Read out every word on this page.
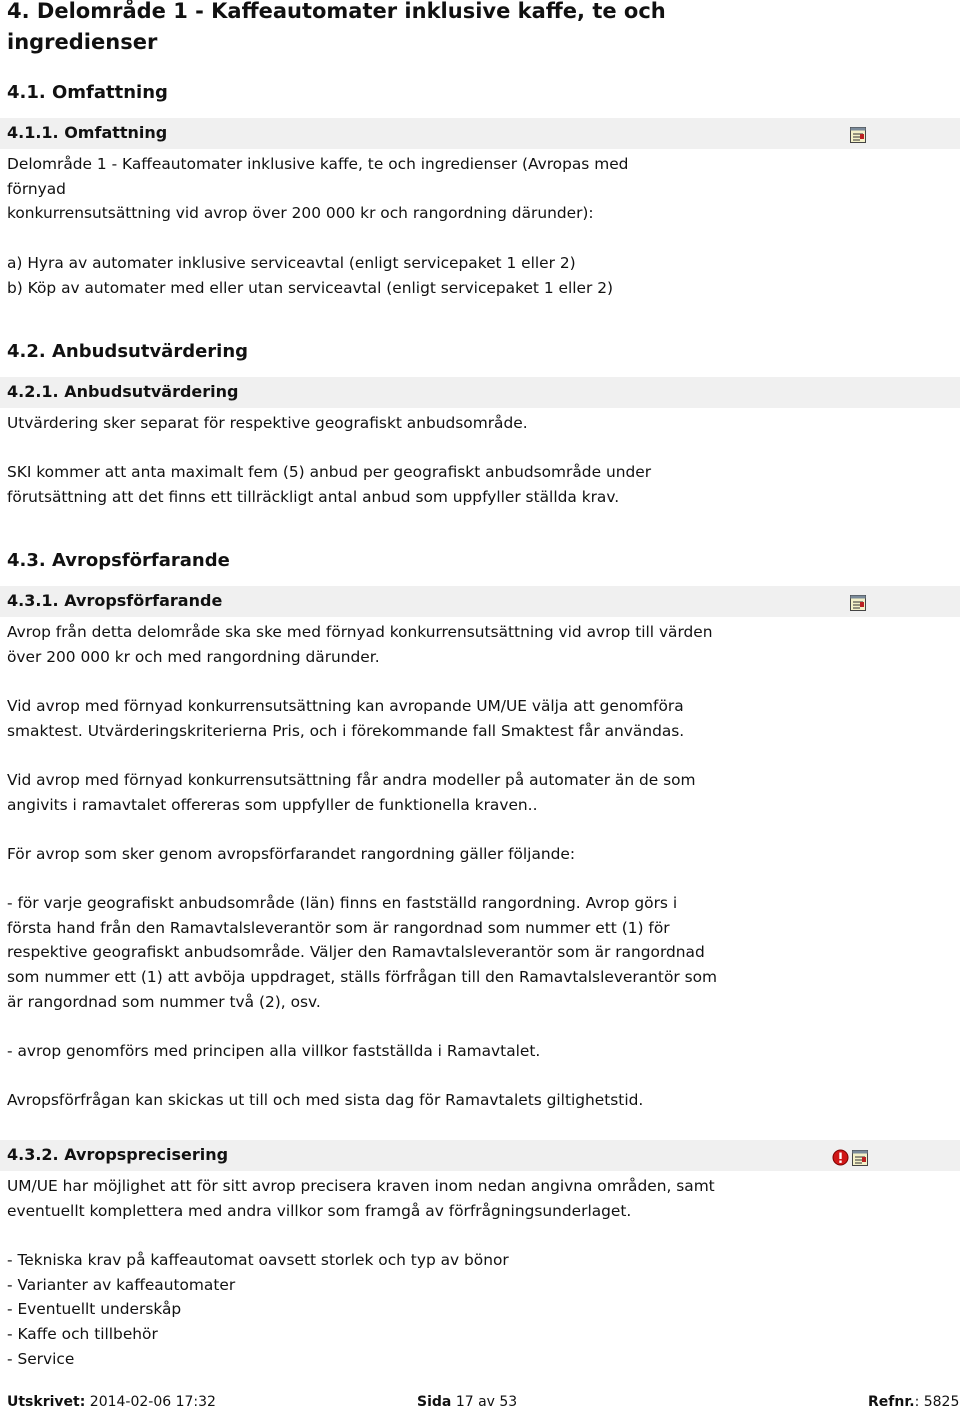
4. Delområde 1 - Kaffeautomater inklusive kaffe, te och
ingredienser
4.1. Omfattning
4.1.1. Omfattning
Delområde 1 - Kaffeautomater inklusive kaffe, te och ingredienser (Avropas med
förnyad
konkurrensutsättning vid avrop över 200 000 kr och rangordning därunder):
a) Hyra av automater inklusive serviceavtal (enligt servicepaket 1 eller 2)
b) Köp av automater med eller utan serviceavtal (enligt servicepaket 1 eller 2)
4.2. Anbudsutvärdering
4.2.1. Anbudsutvärdering
Utvärdering sker separat för respektive geografiskt anbudsområde.
SKI kommer att anta maximalt fem (5) anbud per geografiskt anbudsområde under
förutsättning att det finns ett tillräckligt antal anbud som uppfyller ställda krav.
4.3. Avropsförfarande
4.3.1. Avropsförfarande
Avrop från detta delområde ska ske med förnyad konkurrensutsättning vid avrop till värden
över 200 000 kr och med rangordning därunder.
Vid avrop med förnyad konkurrensutsättning kan avropande UM/UE välja att genomföra
smaktest. Utvärderingskriterierna Pris, och i förekommande fall Smaktest får användas.
Vid avrop med förnyad konkurrensutsättning får andra modeller på automater än de som
angivits i ramavtalet offereras som uppfyller de funktionella kraven..
För avrop som sker genom avropsförfarandet rangordning gäller följande:
- för varje geografiskt anbudsområde (län) finns en fastställd rangordning. Avrop görs i
första hand från den Ramavtalsleverantör som är rangordnad som nummer ett (1) för
respektive geografiskt anbudsområde. Väljer den Ramavtalsleverantör som är rangordnad
som nummer ett (1) att avböja uppdraget, ställs förfrågan till den Ramavtalsleverantör som
är rangordnad som nummer två (2), osv.
- avrop genomförs med principen alla villkor fastställda i Ramavtalet.
Avropsförfrågan kan skickas ut till och med sista dag för Ramavtalets giltighetstid.
4.3.2. Avropsprecisering
UM/UE har möjlighet att för sitt avrop precisera kraven inom nedan angivna områden, samt
eventuellt komplettera med andra villkor som framgå av förfrågningsunderlaget.
- Tekniska krav på kaffeautomat oavsett storlek och typ av bönor
- Varianter av kaffeautomater
- Eventuellt underskåp
- Kaffe och tillbehör
- Service
Utskrivet: 2014-02-06 17:32	Sida 17 av 53	Refnr.: 5825
